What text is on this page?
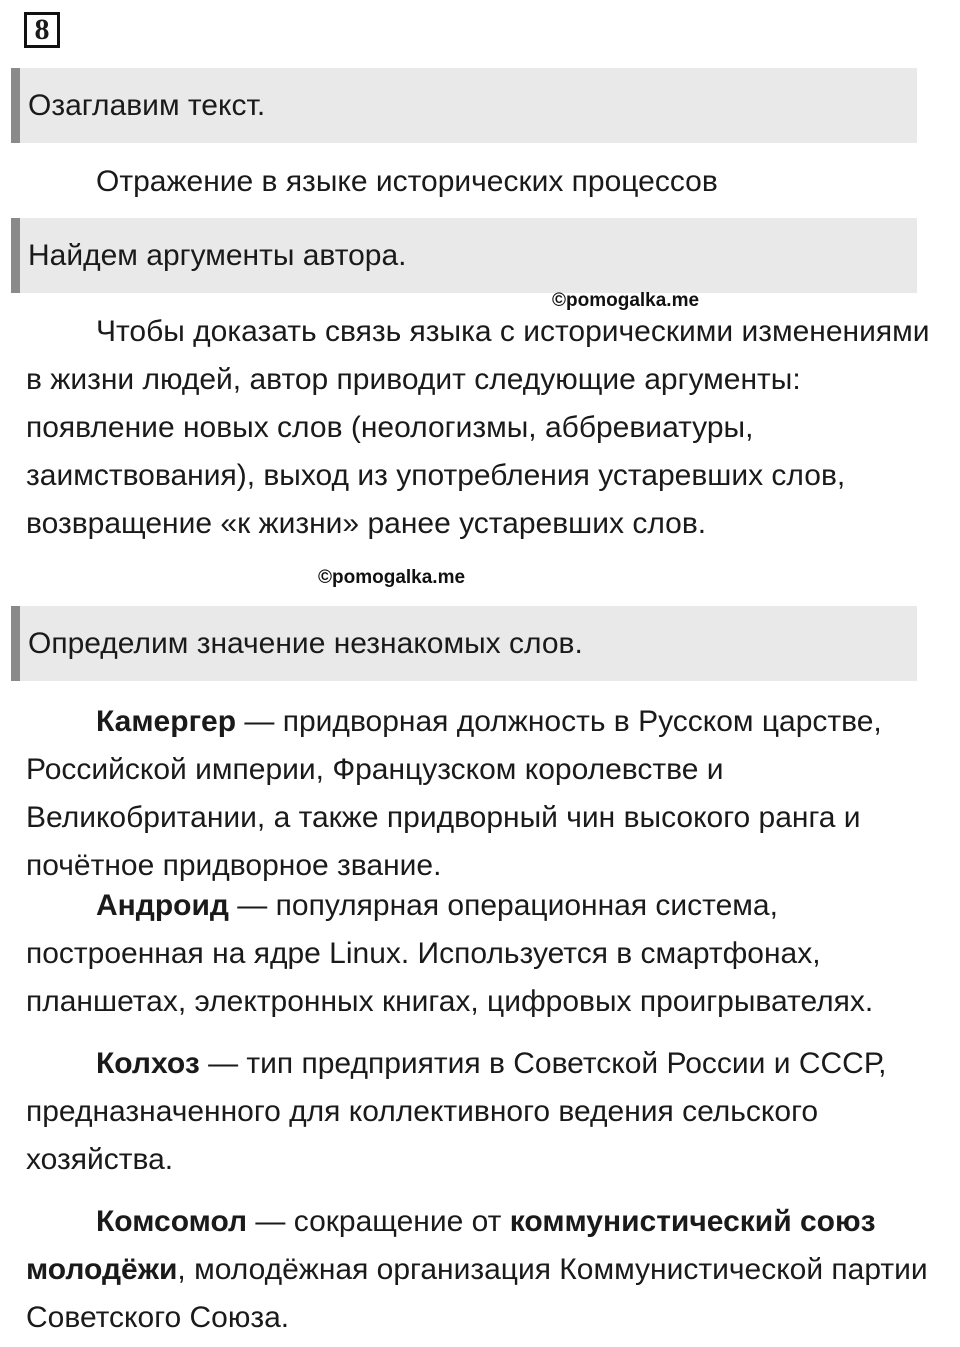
8
Озаглавим текст.
Отражение в языке исторических процессов
Найдем аргументы автора.
©pomogalka.me
Чтобы доказать связь языка с историческими изменениями в жизни людей, автор приводит следующие аргументы: появление новых слов (неологизмы, аббревиатуры, заимствования), выход из употребления устаревших слов, возвращение «к жизни» ранее устаревших слов.
©pomogalka.me
Определим значение незнакомых слов.
Камергер — придворная должность в Русском царстве, Российской империи, Французском королевстве и Великобритании, а также придворный чин высокого ранга и почётное придворное звание.
Андроид — популярная операционная система, построенная на ядре Linux. Используется в смартфонах, планшетах, электронных книгах, цифровых проигрывателях.
Колхоз — тип предприятия в Советской России и СССР, предназначенного для коллективного ведения сельского хозяйства.
Комсомол — сокращение от коммунистический союз молодёжи, молодёжная организация Коммунистической партии Советского Союза.
